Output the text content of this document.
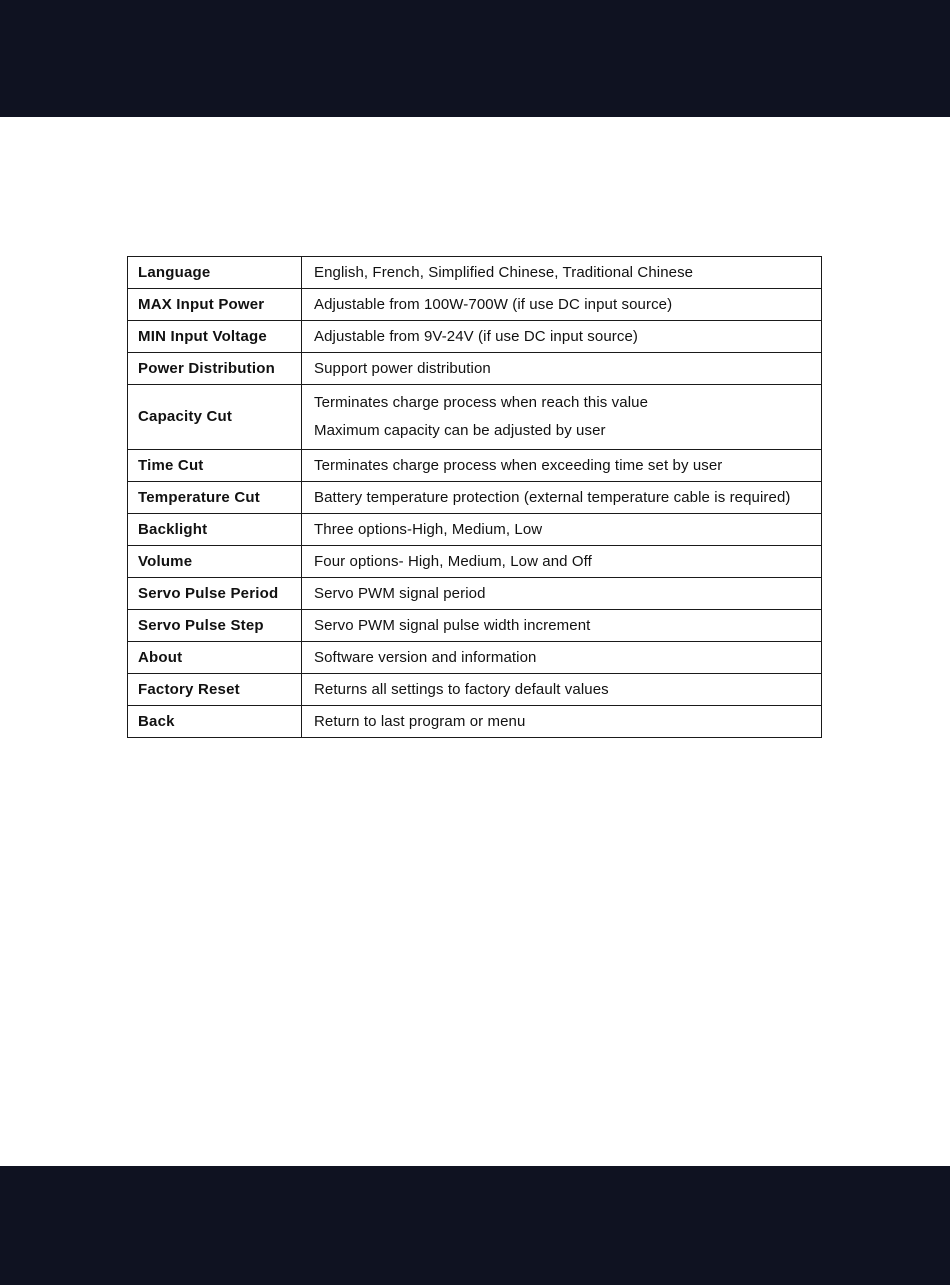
Language	English, French, Simplified Chinese, Traditional Chinese

MAX Input Power	Adjustable from 100W-700W (if use DC input source)

MIN Input Voltage	Adjustable from 9V-24V (if use DC input source)

Power Distribution	Support power distribution

Capacity Cut	Terminates charge process when reach this value
Maximum capacity can be adjusted by user

Time Cut	Terminates charge process when exceeding time set by user

Temperature Cut	Battery temperature protection (external temperature cable is required)

Backlight	Three options-High, Medium, Low

Volume	Four options- High, Medium, Low and Off

Servo Pulse Period	Servo PWM signal period

Servo Pulse Step	Servo PWM signal pulse width increment

About	Software version and information

Factory Reset	Returns all settings to factory default values

Back	Return to last program or menu
